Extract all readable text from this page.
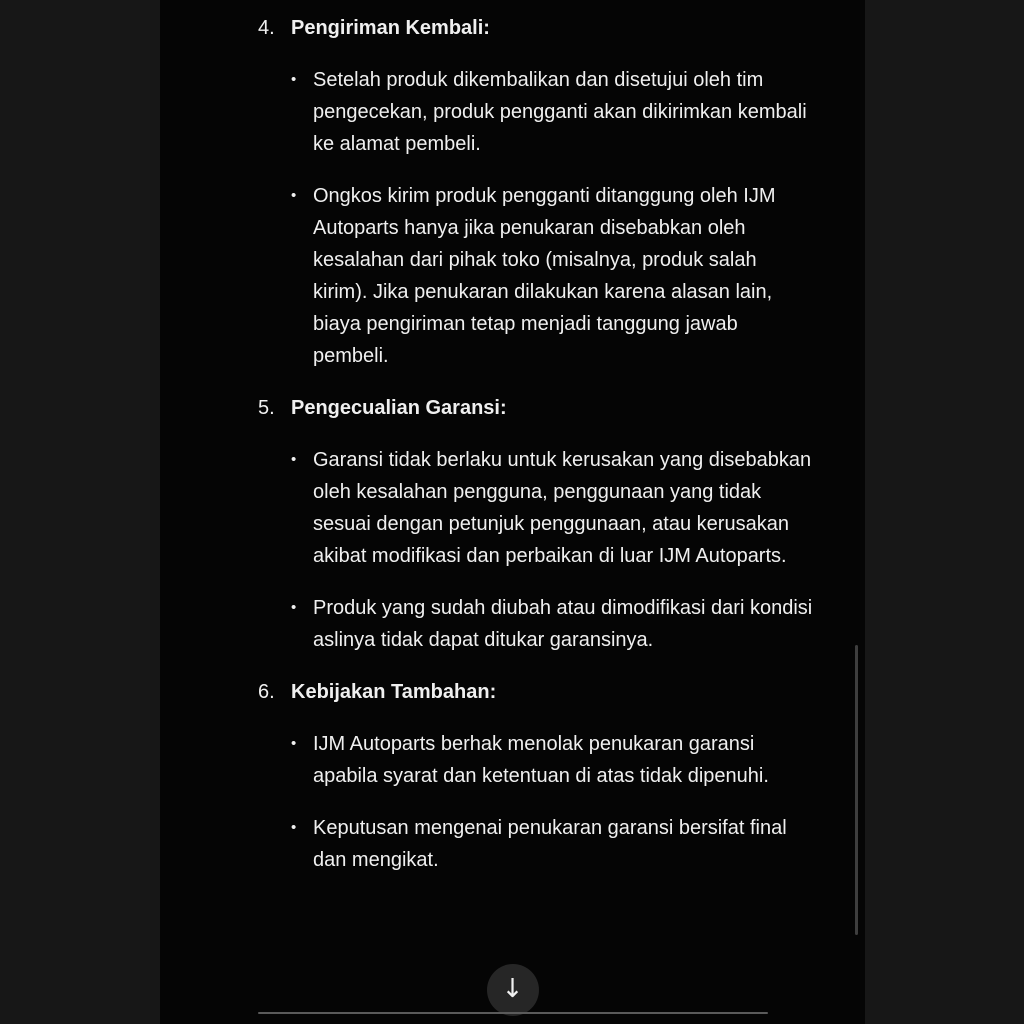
4. Pengiriman Kembali:
• Setelah produk dikembalikan dan disetujui oleh tim pengecekan, produk pengganti akan dikirimkan kembali ke alamat pembeli.
• Ongkos kirim produk pengganti ditanggung oleh IJM Autoparts hanya jika penukaran disebabkan oleh kesalahan dari pihak toko (misalnya, produk salah kirim). Jika penukaran dilakukan karena alasan lain, biaya pengiriman tetap menjadi tanggung jawab pembeli.
5. Pengecualian Garansi:
• Garansi tidak berlaku untuk kerusakan yang disebabkan oleh kesalahan pengguna, penggunaan yang tidak sesuai dengan petunjuk penggunaan, atau kerusakan akibat modifikasi dan perbaikan di luar IJM Autoparts.
• Produk yang sudah diubah atau dimodifikasi dari kondisi aslinya tidak dapat ditukar garansinya.
6. Kebijakan Tambahan:
• IJM Autoparts berhak menolak penukaran garansi apabila syarat dan ketentuan di atas tidak dipenuhi.
• Keputusan mengenai penukaran garansi bersifat final dan mengikat.
↓
